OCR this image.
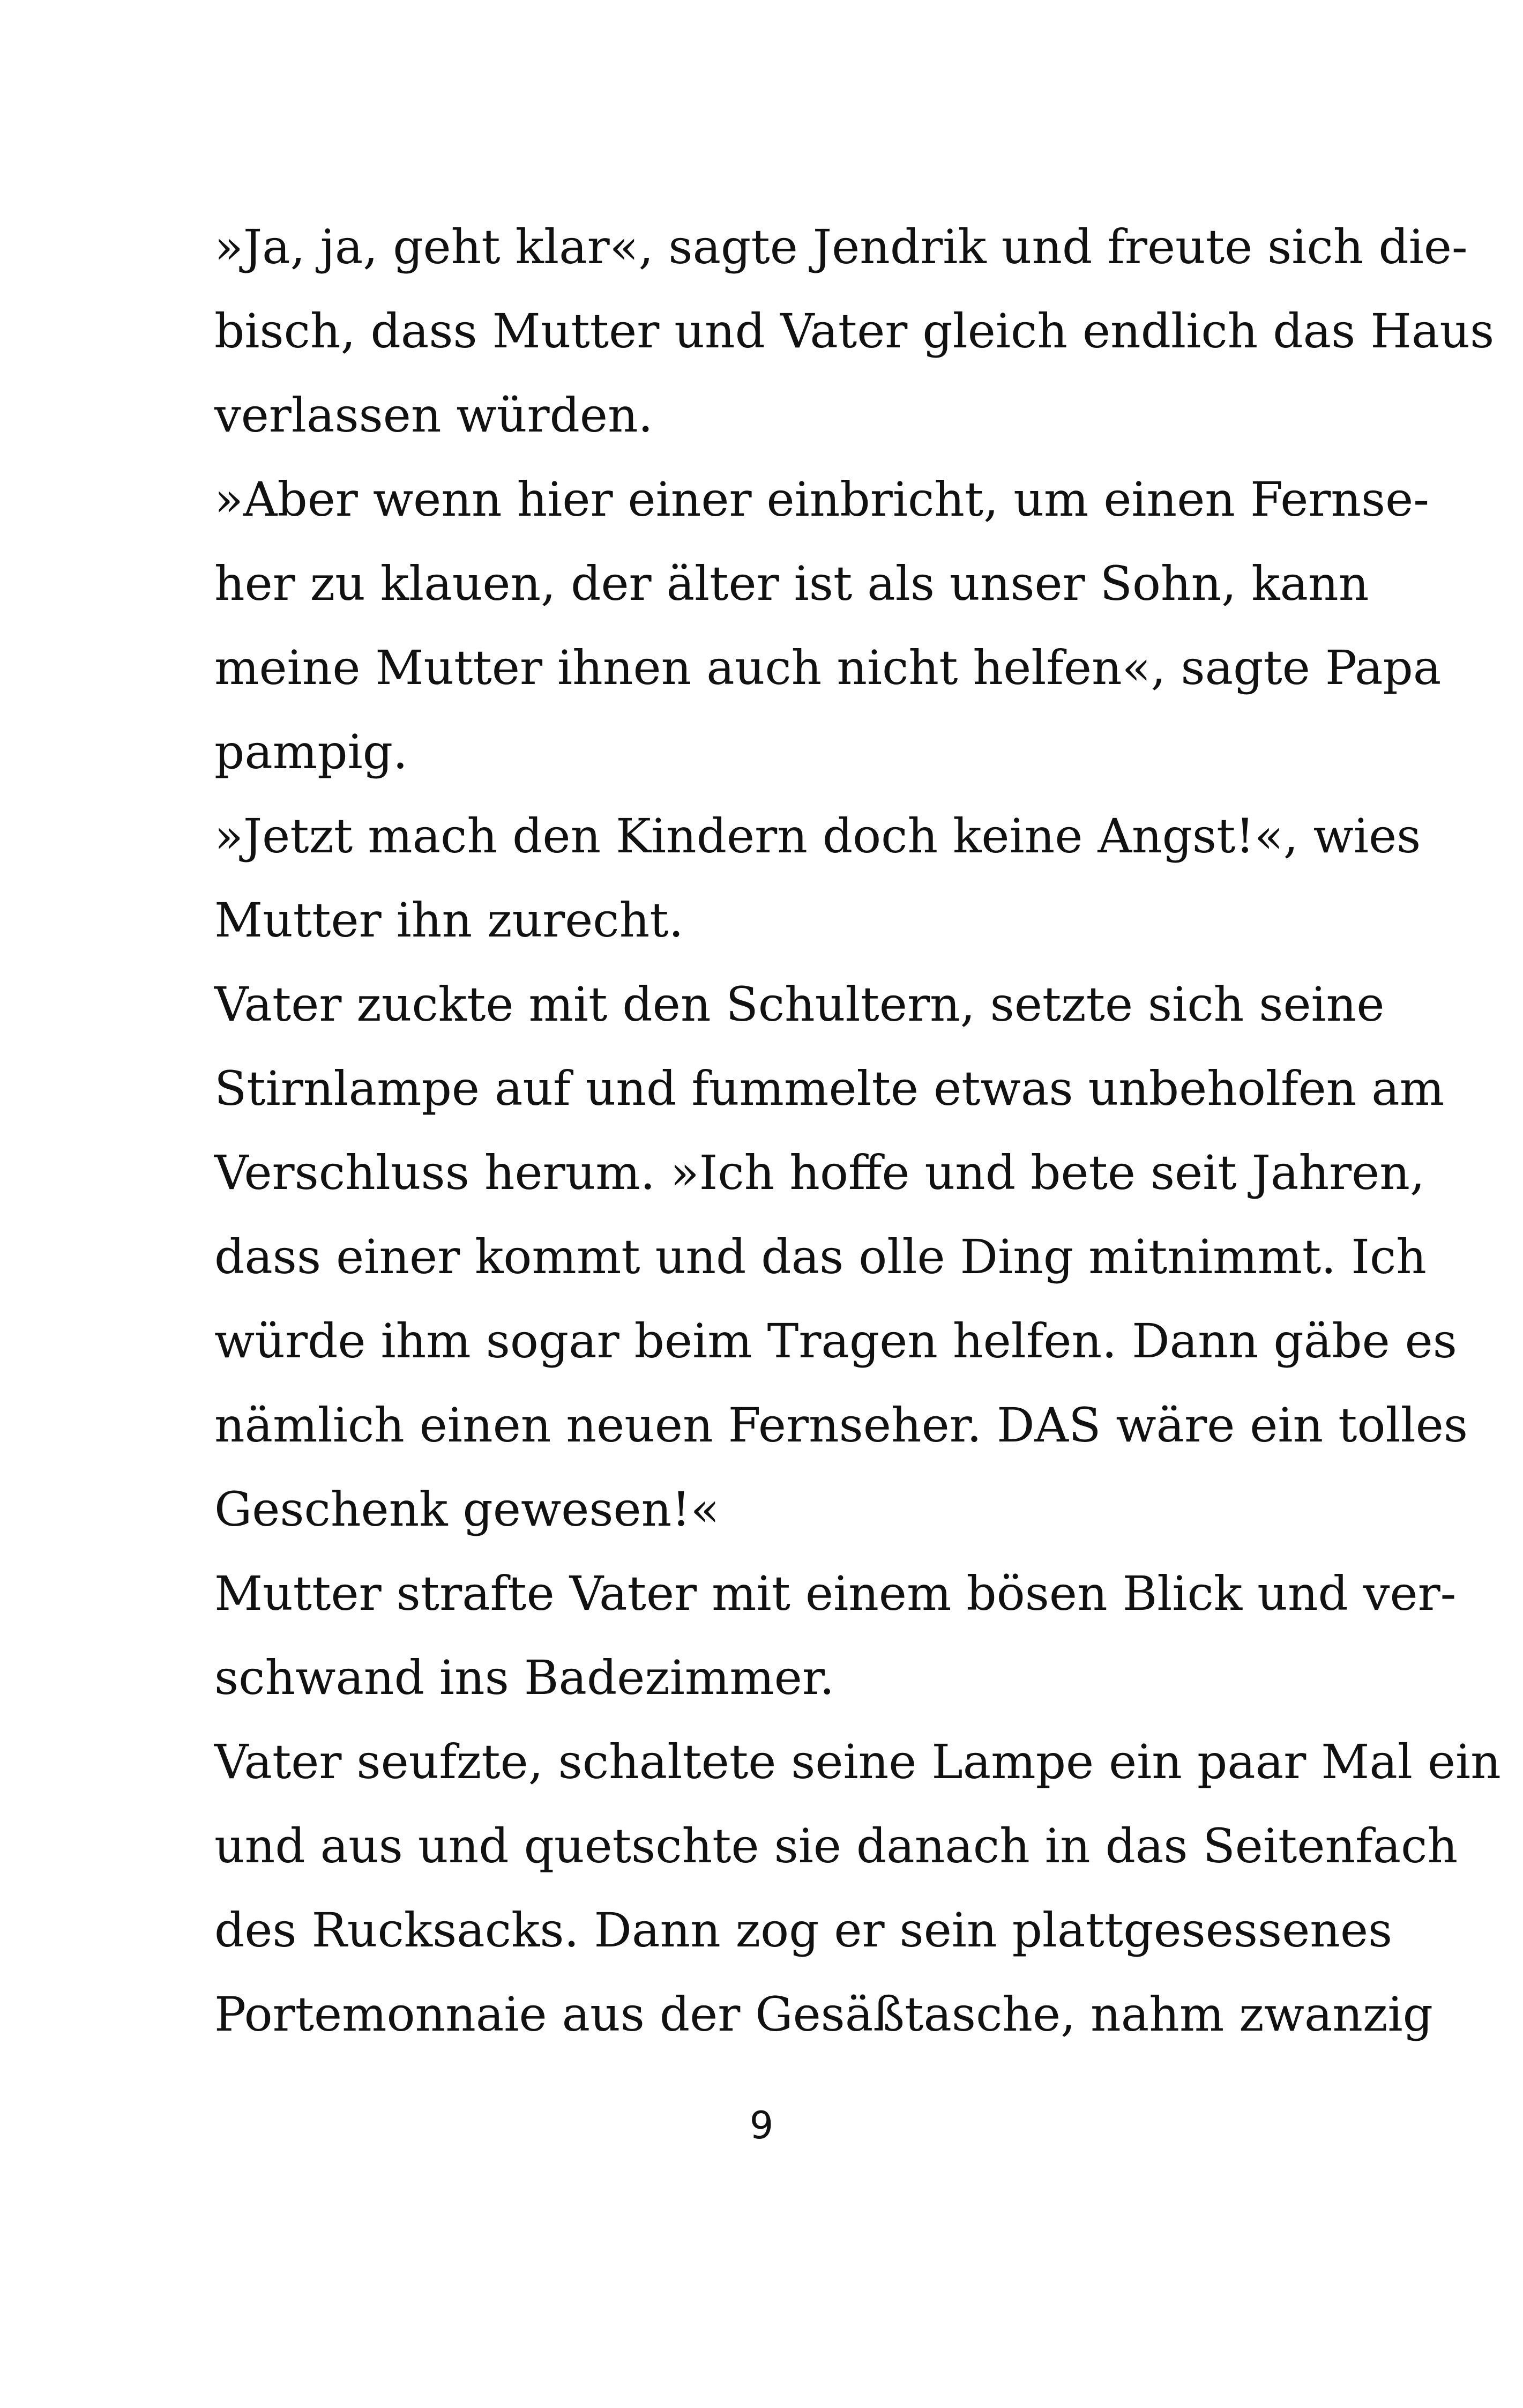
»Ja, ja, geht klar«, sagte Jendrik und freute sich die-
bisch, dass Mutter und Vater gleich endlich das Haus
verlassen würden.
»Aber wenn hier einer einbricht, um einen Fernse-
her zu klauen, der älter ist als unser Sohn, kann
meine Mutter ihnen auch nicht helfen«, sagte Papa
pampig.
»Jetzt mach den Kindern doch keine Angst!«, wies
Mutter ihn zurecht.
Vater zuckte mit den Schultern, setzte sich seine
Stirnlampe auf und fummelte etwas unbeholfen am
Verschluss herum. »Ich hoffe und bete seit Jahren,
dass einer kommt und das olle Ding mitnimmt. Ich
würde ihm sogar beim Tragen helfen. Dann gäbe es
nämlich einen neuen Fernseher. DAS wäre ein tolles
Geschenk gewesen!«
Mutter strafte Vater mit einem bösen Blick und ver-
schwand ins Badezimmer.
Vater seufzte, schaltete seine Lampe ein paar Mal ein
und aus und quetschte sie danach in das Seitenfach
des Rucksacks. Dann zog er sein plattgesessenes
Portemonnaie aus der Gesäßtasche, nahm zwanzig
9
